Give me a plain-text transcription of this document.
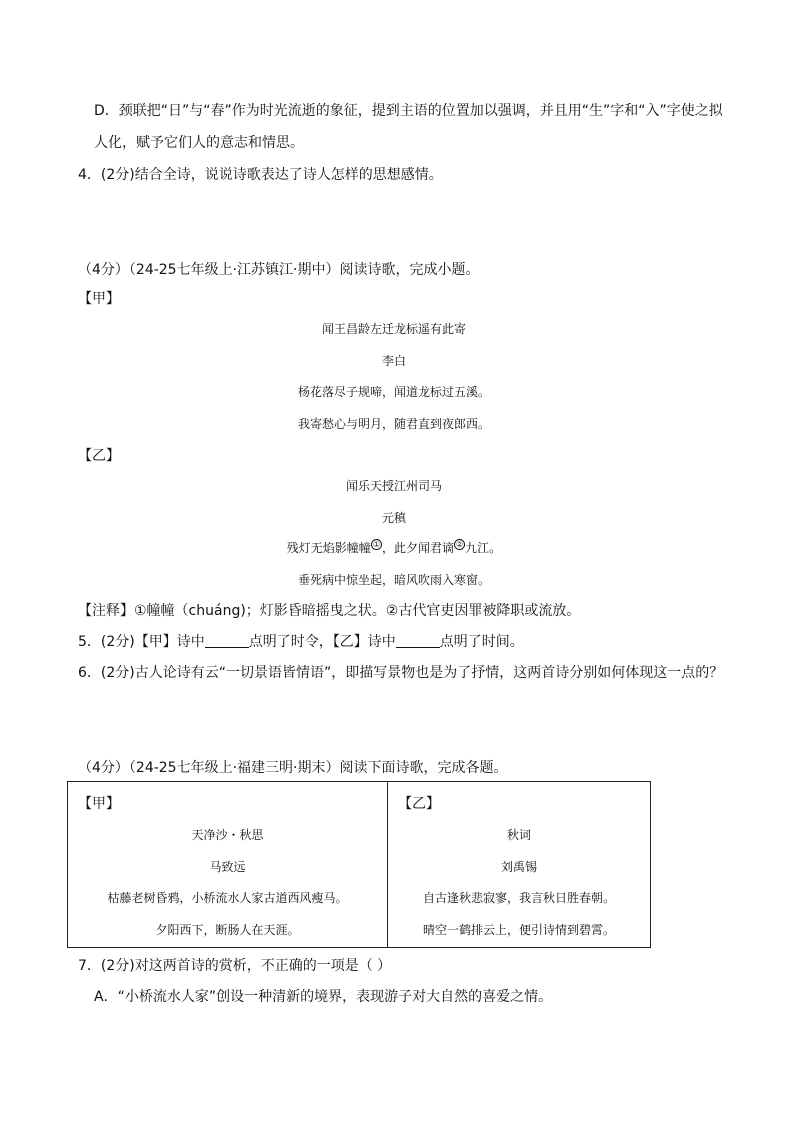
D．颈联把“日”与“春”作为时光流逝的象征，提到主语的位置加以强调，并且用“生”字和“入”字使之拟
人化，赋予它们人的意志和情思。
4．(2分)结合全诗，说说诗歌表达了诗人怎样的思想感情。
（4分）（24-25七年级上·江苏镇江·期中）阅读诗歌，完成小题。
【甲】
闻王昌龄左迁龙标遥有此寄
李白
杨花落尽子规啼，闻道龙标过五溪。
我寄愁心与明月，随君直到夜郎西。
【乙】
闻乐天授江州司马
元稹
残灯无焰影幢幢 ① ，此夕闻君谪 ② 九江。
垂死病中惊坐起，暗风吹雨入寒窗。
【注释】①幢幢（chuáng)；灯影昏暗摇曳之状。②古代官吏因罪被降职或流放。
5．(2分)【甲】诗中	点明了时令，【乙】诗中	点明了时间。
6．(2分)古人论诗有云“一切景语皆情语”，即描写景物也是为了抒情，这两首诗分别如何体现这一点的？
（4分）（24-25七年级上·福建三明·期末）阅读下面诗歌，完成各题。
【甲】
天净沙・秋思
马致远
枯藤老树昏鸦，小桥流水人家古道西风瘦马。
夕阳西下，断肠人在天涯。
【乙】
秋词
刘禹锡
自古逢秋悲寂寥，我言秋日胜春朝。
晴空一鹤排云上，便引诗情到碧霄。
7．(2分)对这两首诗的赏析，不正确的一项是（ ）
A．“小桥流水人家”创设一种清新的境界，表现游子对大自然的喜爱之情。
